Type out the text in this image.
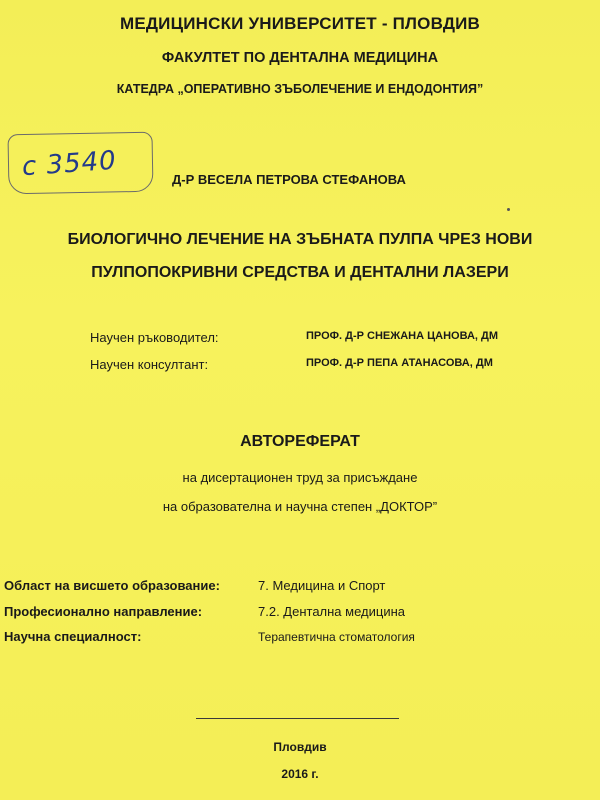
МЕДИЦИНСКИ УНИВЕРСИТЕТ - ПЛОВДИВ
ФАКУЛТЕТ ПО ДЕНТАЛНА МЕДИЦИНА
КАТЕДРА „ОПЕРАТИВНО ЗЪБОЛЕЧЕНИЕ И ЕНДОДОНТИЯ”
с 3540	Д-Р ВЕСЕЛА ПЕТРОВА СТЕФАНОВА
БИОЛОГИЧНО ЛЕЧЕНИЕ НА ЗЪБНАТА ПУЛПА ЧРЕЗ НОВИ
ПУЛПОПОКРИВНИ СРЕДСТВА И ДЕНТАЛНИ ЛАЗЕРИ
Научен ръководител:	ПРОФ. Д-Р СНЕЖАНА ЦАНОВА, ДМ
Научен консултант:	ПРОФ. Д-Р ПЕПА АТАНАСОВА, ДМ
АВТОРЕФЕРАТ
на дисертационен труд за присъждане
на образователна и научна степен „ДОКТОР”
Област на висшето образование:	7. Медицина и Спорт
Професионално направление:	7.2. Дентална медицина
Научна специалност:	Терапевтична стоматология
Пловдив
2016 г.
